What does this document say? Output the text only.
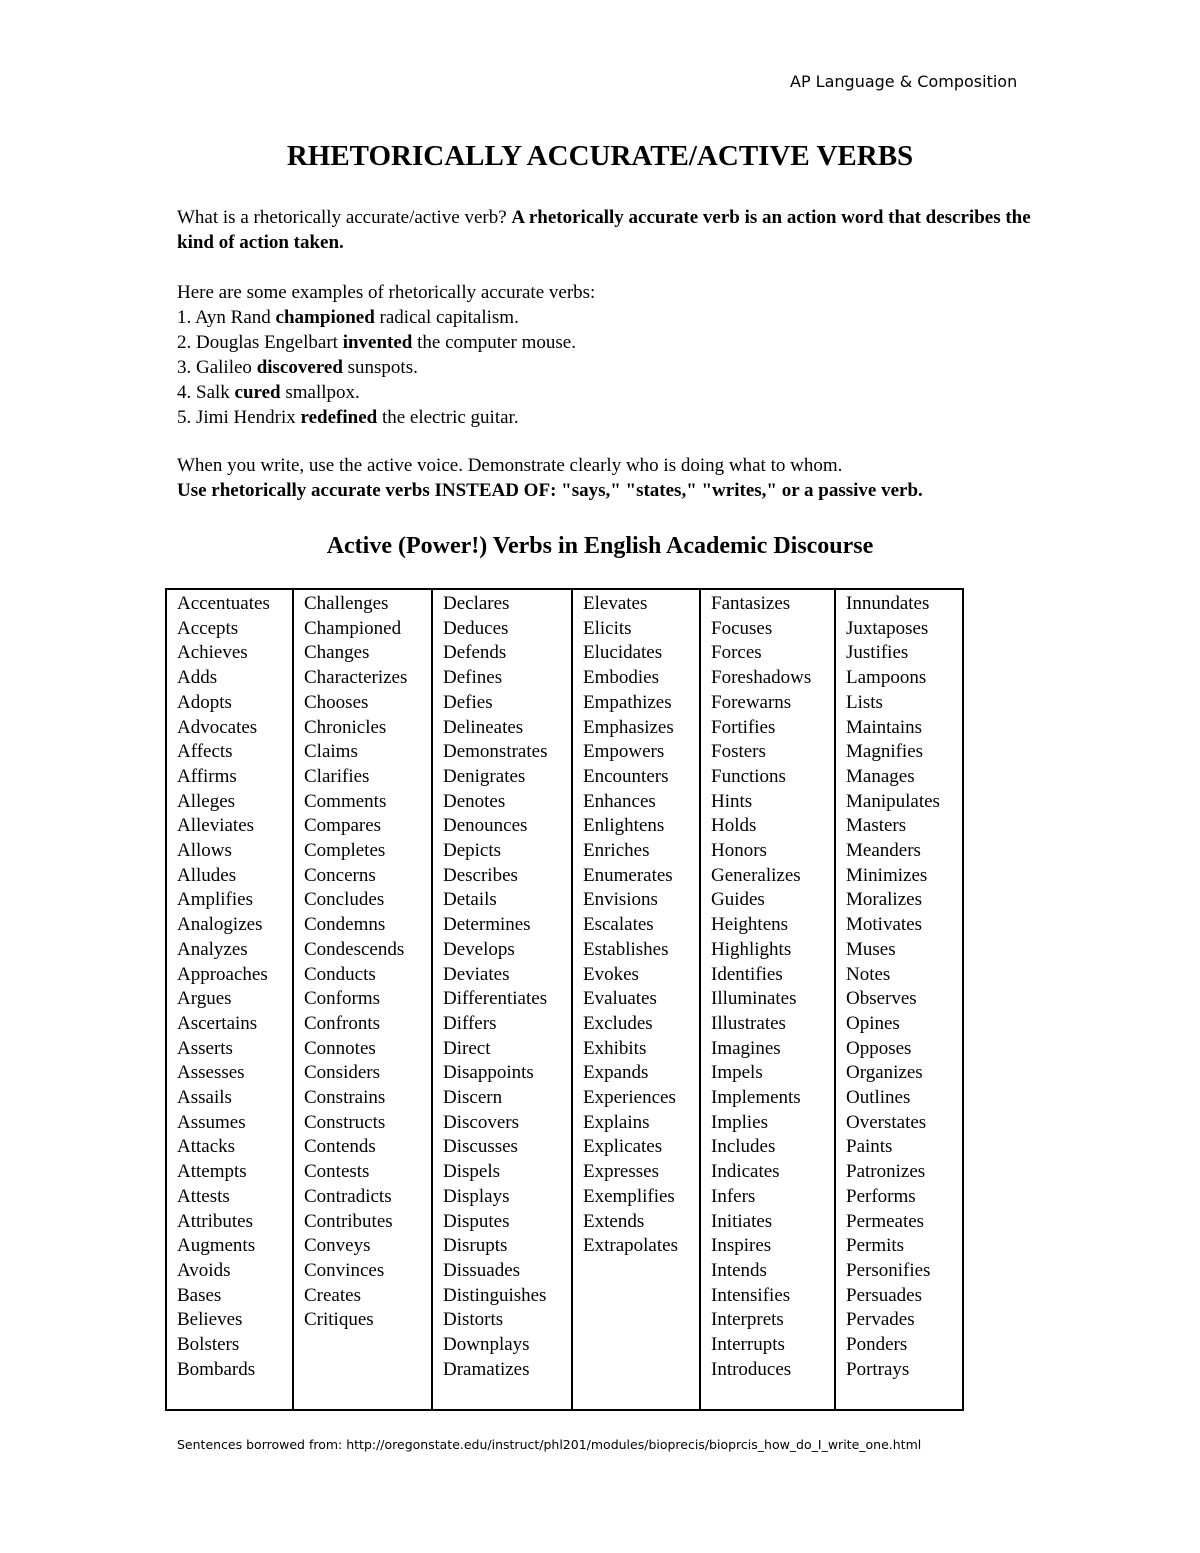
AP Language & Composition
RHETORICALLY ACCURATE/ACTIVE VERBS

What is a rhetorically accurate/active verb? A rhetorically accurate verb is an action word that describes the kind of action taken.

Here are some examples of rhetorically accurate verbs:

1. Ayn Rand championed radical capitalism.

2. Douglas Engelbart invented the computer mouse.

3. Galileo discovered sunspots.

4. Salk cured smallpox.

5. Jimi Hendrix redefined the electric guitar.

When you write, use the active voice. Demonstrate clearly who is doing what to whom.

Use rhetorically accurate verbs INSTEAD OF: "says," "states," "writes," or a passive verb.

Active (Power!) Verbs in English Academic Discourse
Accentuates
Accepts
Achieves
Adds
Adopts
Advocates
Affects
Affirms
Alleges
Alleviates
Allows
Alludes
Amplifies
Analogizes
Analyzes
Approaches
Argues
Ascertains
Asserts
Assesses
Assails
Assumes
Attacks
Attempts
Attests
Attributes
Augments
Avoids
Bases
Believes
Bolsters
Bombards
Challenges
Championed
Changes
Characterizes
Chooses
Chronicles
Claims
Clarifies
Comments
Compares
Completes
Concerns
Concludes
Condemns
Condescends
Conducts
Conforms
Confronts
Connotes
Considers
Constrains
Constructs
Contends
Contests
Contradicts
Contributes
Conveys
Convinces
Creates
Critiques
Declares
Deduces
Defends
Defines
Defies
Delineates
Demonstrates
Denigrates
Denotes
Denounces
Depicts
Describes
Details
Determines
Develops
Deviates
Differentiates
Differs
Direct
Disappoints
Discern
Discovers
Discusses
Dispels
Displays
Disputes
Disrupts
Dissuades
Distinguishes
Distorts
Downplays
Dramatizes
Elevates
Elicits
Elucidates
Embodies
Empathizes
Emphasizes
Empowers
Encounters
Enhances
Enlightens
Enriches
Enumerates
Envisions
Escalates
Establishes
Evokes
Evaluates
Excludes
Exhibits
Expands
Experiences
Explains
Explicates
Expresses
Exemplifies
Extends
Extrapolates
Fantasizes
Focuses
Forces
Foreshadows
Forewarns
Fortifies
Fosters
Functions
Hints
Holds
Honors
Generalizes
Guides
Heightens
Highlights
Identifies
Illuminates
Illustrates
Imagines
Impels
Implements
Implies
Includes
Indicates
Infers
Initiates
Inspires
Intends
Intensifies
Interprets
Interrupts
Introduces
Innundates
Juxtaposes
Justifies
Lampoons
Lists
Maintains
Magnifies
Manages
Manipulates
Masters
Meanders
Minimizes
Moralizes
Motivates
Muses
Notes
Observes
Opines
Opposes
Organizes
Outlines
Overstates
Paints
Patronizes
Performs
Permeates
Permits
Personifies
Persuades
Pervades
Ponders
Portrays
Sentences borrowed from: http://oregonstate.edu/instruct/phl201/modules/bioprecis/bioprcis_how_do_I_write_one.html
